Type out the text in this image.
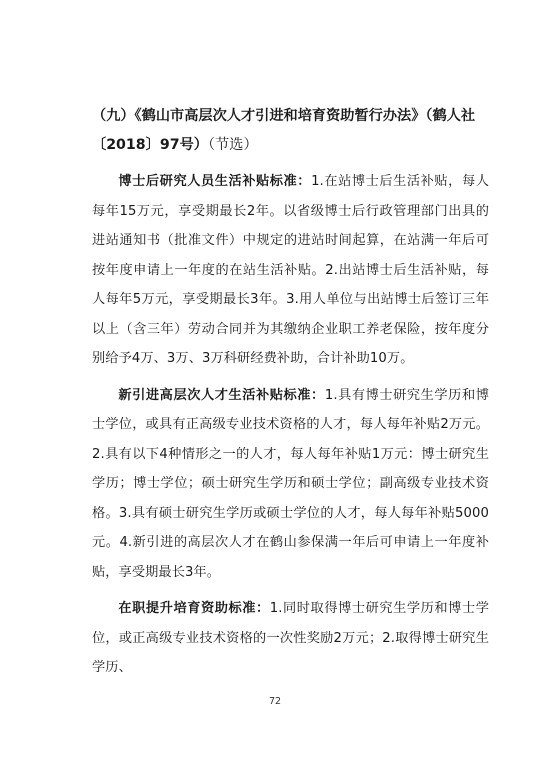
（九）《鹤山市高层次人才引进和培育资助暂行办法》（鹤人社〔2018〕97号）（节选）

博士后研究人员生活补贴标准：1.在站博士后生活补贴，每人每年15万元，享受期最长2年。以省级博士后行政管理部门出具的进站通知书（批准文件）中规定的进站时间起算，在站满一年后可按年度申请上一年度的在站生活补贴。2.出站博士后生活补贴，每人每年5万元，享受期最长3年。3.用人单位与出站博士后签订三年以上（含三年）劳动合同并为其缴纳企业职工养老保险，按年度分别给予4万、3万、3万科研经费补助，合计补助10万。

新引进高层次人才生活补贴标准：1.具有博士研究生学历和博士学位，或具有正高级专业技术资格的人才，每人每年补贴2万元。2.具有以下4种情形之一的人才，每人每年补贴1万元：博士研究生学历；博士学位；硕士研究生学历和硕士学位；副高级专业技术资格。3.具有硕士研究生学历或硕士学位的人才，每人每年补贴5000元。4.新引进的高层次人才在鹤山参保满一年后可申请上一年度补贴，享受期最长3年。

在职提升培育资助标准：1.同时取得博士研究生学历和博士学位，或正高级专业技术资格的一次性奖励2万元；2.取得博士研究生学历、

72
